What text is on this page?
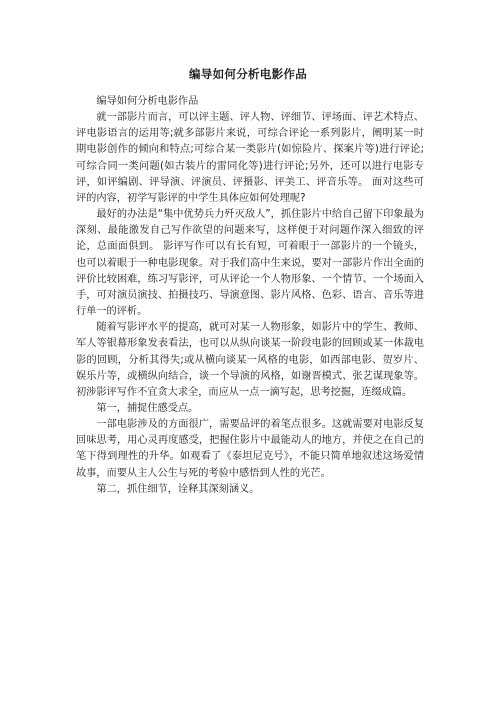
编导如何分析电影作品

编导如何分析电影作品

就一部影片而言，可以评主题、评人物、评细节、评场面、评艺术特点、评电影语言的运用等;就多部影片来说，可综合评论一系列影片，阐明某一时期电影创作的倾向和特点;可综合某一类影片(如惊险片、探案片等)进行评论;可综合同一类问题(如古装片的雷同化等)进行评论;另外，还可以进行电影专评，如评编剧、评导演、评演员、评摄影、评美工、评音乐等。 面对这些可评的内容，初学写影评的中学生具体应如何处理呢?

最好的办法是“集中优势兵力歼灭敌人”，抓住影片中给自己留下印象最为深刻、最能激发自己写作欲望的问题来写，这样便于对问题作深入细致的评论，总面面俱到。 影评写作可以有长有短，可着眼于一部影片的一个镜头，也可以着眼于一种电影现象。对于我们高中生来说，要对一部影片作出全面的评价比较困难，练习写影评，可从评论一个人物形象、一个情节、一个场面入手，可对演员演技、拍摄技巧、导演意图、影片风格、色彩、语言、音乐等进行单一的评析。

随着写影评水平的提高，就可对某一人物形象，如影片中的学生、教师、军人等银幕形象发表看法，也可以从纵向谈某一阶段电影的回顾或某一体裁电影的回顾，分析其得失;或从横向谈某一风格的电影，如西部电影、贺岁片、娱乐片等，或横纵向结合，谈一个导演的风格，如谢晋模式、张艺谋现象等。初涉影评写作不宜贪大求全，而应从一点一滴写起，思考挖掘，连缀成篇。

第一，捕捉住感受点。

一部电影涉及的方面很广，需要品评的着笔点很多。这就需要对电影反复回味思考，用心灵再度感受，把握住影片中最能动人的地方，并使之在自己的笔下得到理性的升华。如观看了《泰坦尼克号》，不能只简单地叙述这场爱情故事，而要从主人公生与死的考验中感悟到人性的光芒。

第二，抓住细节，诠释其深刻涵义。
